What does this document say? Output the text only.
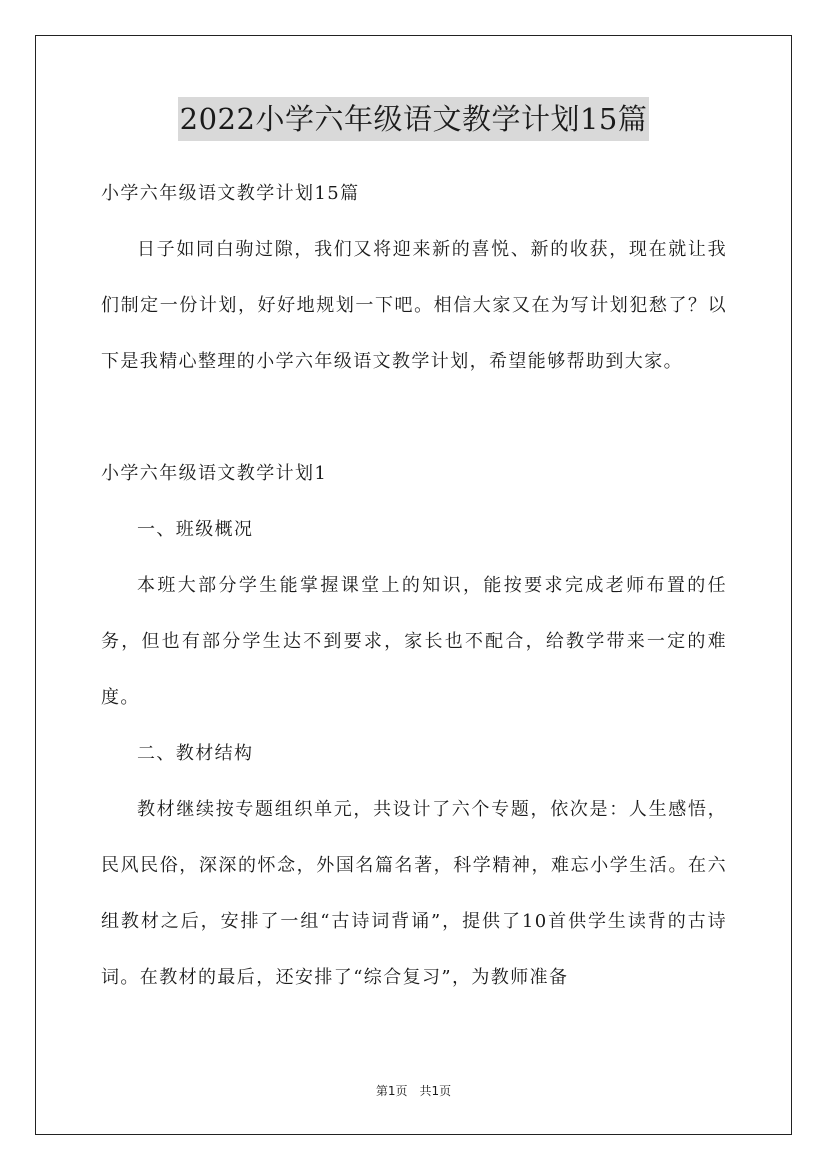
2022小学六年级语文教学计划15篇

小学六年级语文教学计划15篇

日子如同白驹过隙，我们又将迎来新的喜悦、新的收获，现在就让我们制定一份计划，好好地规划一下吧。相信大家又在为写计划犯愁了？以下是我精心整理的小学六年级语文教学计划，希望能够帮助到大家。

小学六年级语文教学计划1

一、班级概况

本班大部分学生能掌握课堂上的知识，能按要求完成老师布置的任务，但也有部分学生达不到要求，家长也不配合，给教学带来一定的难度。

二、教材结构

教材继续按专题组织单元，共设计了六个专题，依次是：人生感悟，民风民俗，深深的怀念，外国名篇名著，科学精神，难忘小学生活。在六组教材之后，安排了一组“古诗词背诵”，提供了10首供学生读背的古诗词。在教材的最后，还安排了“综合复习”，为教师准备

第1页　共1页
